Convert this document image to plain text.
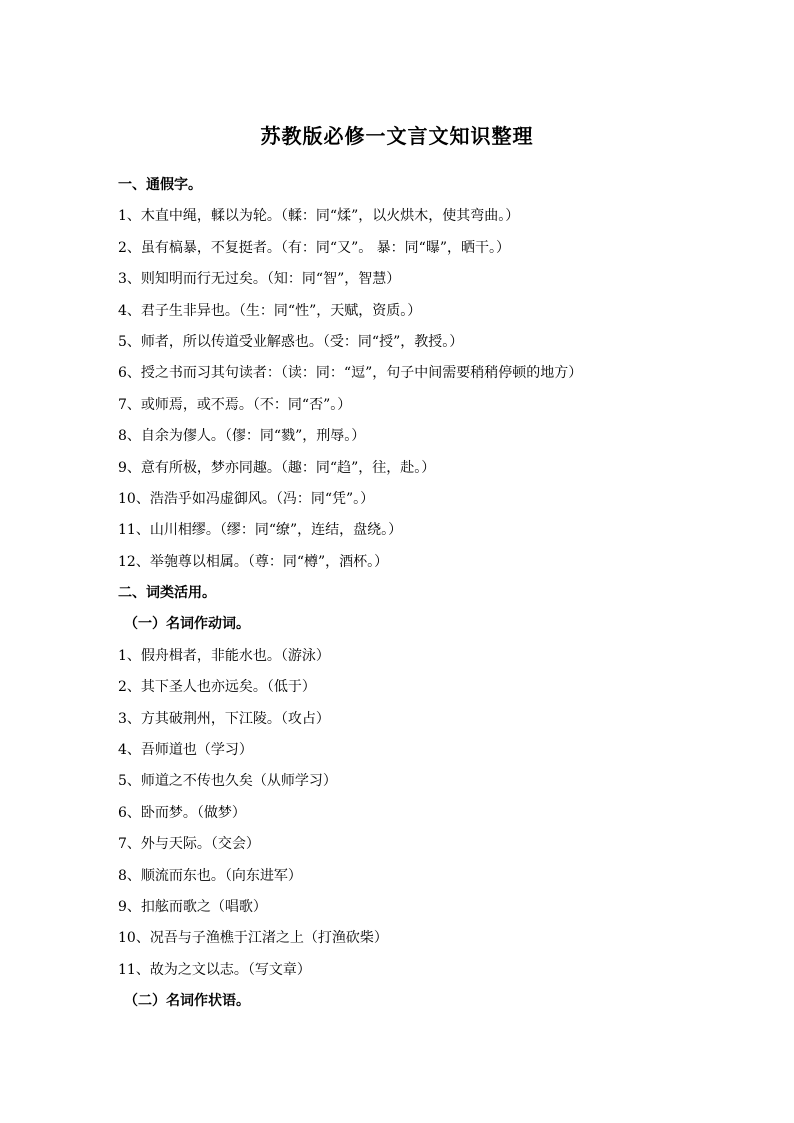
苏教版必修一文言文知识整理
一、通假字。
1、木直中绳，輮以为轮。（輮：同“煣”，以火烘木，使其弯曲。）
2、虽有槁暴，不复挺者。（有：同“又”。 暴：同“曝”，晒干。）
3、则知明而行无过矣。（知：同“智”，智慧）
4、君子生非异也。（生：同“性”，天赋，资质。）
5、师者，所以传道受业解惑也。（受：同“授”，教授。）
6、授之书而习其句读者：（读：同：“逗”，句子中间需要稍稍停顿的地方）
7、或师焉，或不焉。（不：同“否”。）
8、自余为僇人。（僇：同“戮”，刑辱。）
9、意有所极，梦亦同趣。（趣：同“趋”，往，赴。）
10、浩浩乎如冯虚御风。（冯：同“凭”。）
11、山川相缪。（缪：同“缭”，连结，盘绕。）
12、举匏尊以相属。（尊：同“樽”，酒杯。）
二、词类活用。
（一）名词作动词。
1、假舟楫者，非能水也。（游泳）
2、其下圣人也亦远矣。（低于）
3、方其破荆州，下江陵。（攻占）
4、吾师道也（学习）
5、师道之不传也久矣（从师学习）
6、卧而梦。（做梦）
7、外与天际。（交会）
8、顺流而东也。（向东进军）
9、扣舷而歌之（唱歌）
10、况吾与子渔樵于江渚之上（打渔砍柴）
11、故为之文以志。（写文章）
（二）名词作状语。
